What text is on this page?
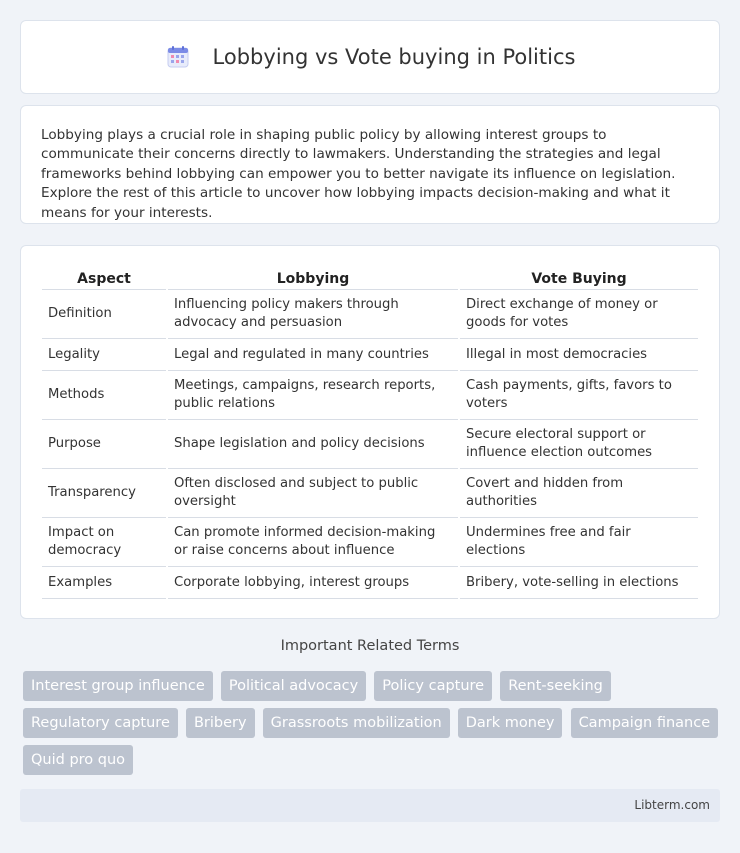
Lobbying vs Vote buying in Politics

Lobbying plays a crucial role in shaping public policy by allowing interest groups to communicate their concerns directly to lawmakers. Understanding the strategies and legal frameworks behind lobbying can empower you to better navigate its influence on legislation. Explore the rest of this article to uncover how lobbying impacts decision-making and what it means for your interests.

Aspect	Lobbying	Vote Buying
Definition	Influencing policy makers through advocacy and persuasion	Direct exchange of money or goods for votes
Legality	Legal and regulated in many countries	Illegal in most democracies
Methods	Meetings, campaigns, research reports, public relations	Cash payments, gifts, favors to voters
Purpose	Shape legislation and policy decisions	Secure electoral support or influence election outcomes
Transparency	Often disclosed and subject to public oversight	Covert and hidden from authorities
Impact on democracy	Can promote informed decision-making or raise concerns about influence	Undermines free and fair elections
Examples	Corporate lobbying, interest groups	Bribery, vote-selling in elections
Important Related Terms
Interest group influence Political advocacy Policy capture Rent-seeking Regulatory capture Bribery Grassroots mobilization Dark money Campaign finance Quid pro quo
Libterm.com
